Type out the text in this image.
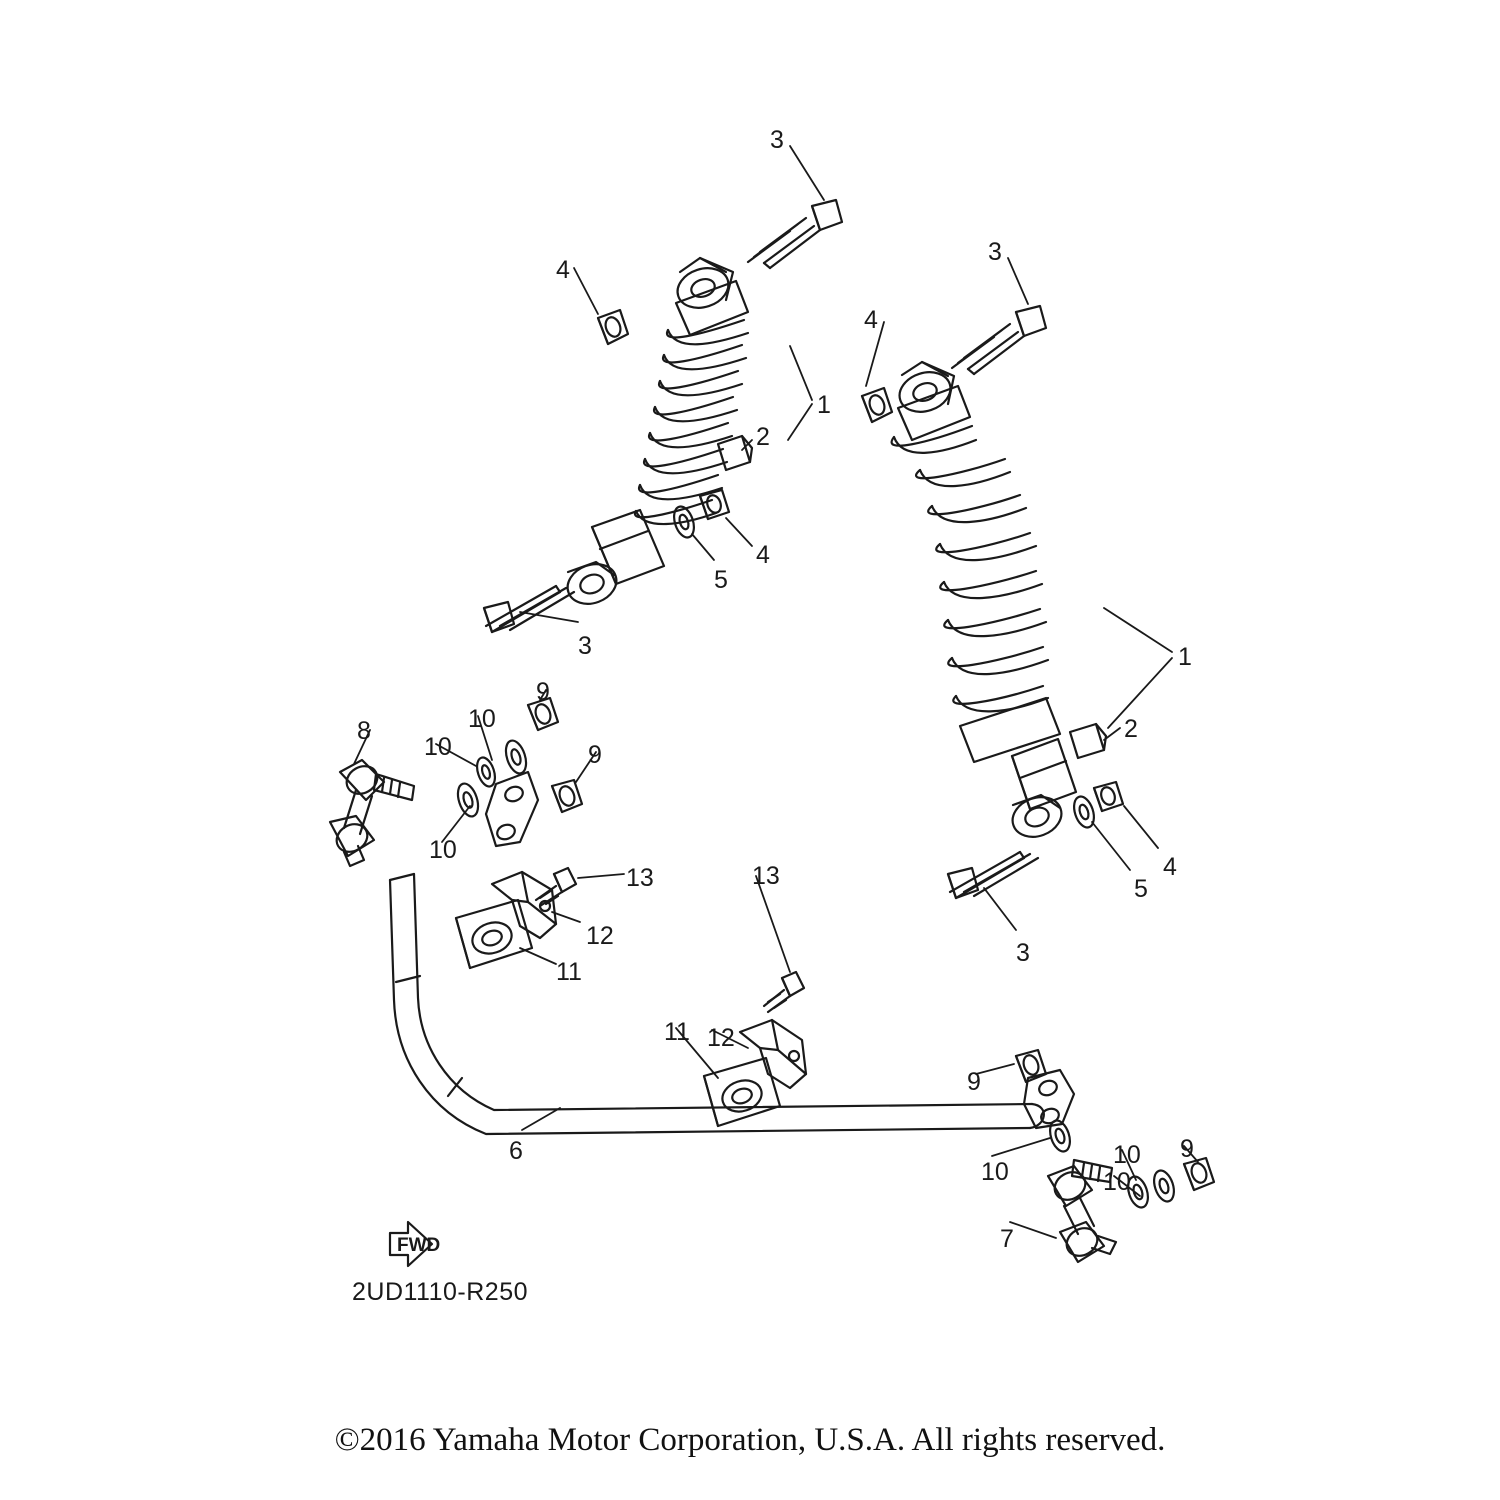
3
4
3
4
1
2
4
5
3	1
2
9
10
8
10	9
10
4
5
13
12
11
3
13
12
11
9
9
10
10
10
6
7
FWD
2UD1110-R250
©2016 Yamaha Motor Corporation, U.S.A. All rights reserved.
